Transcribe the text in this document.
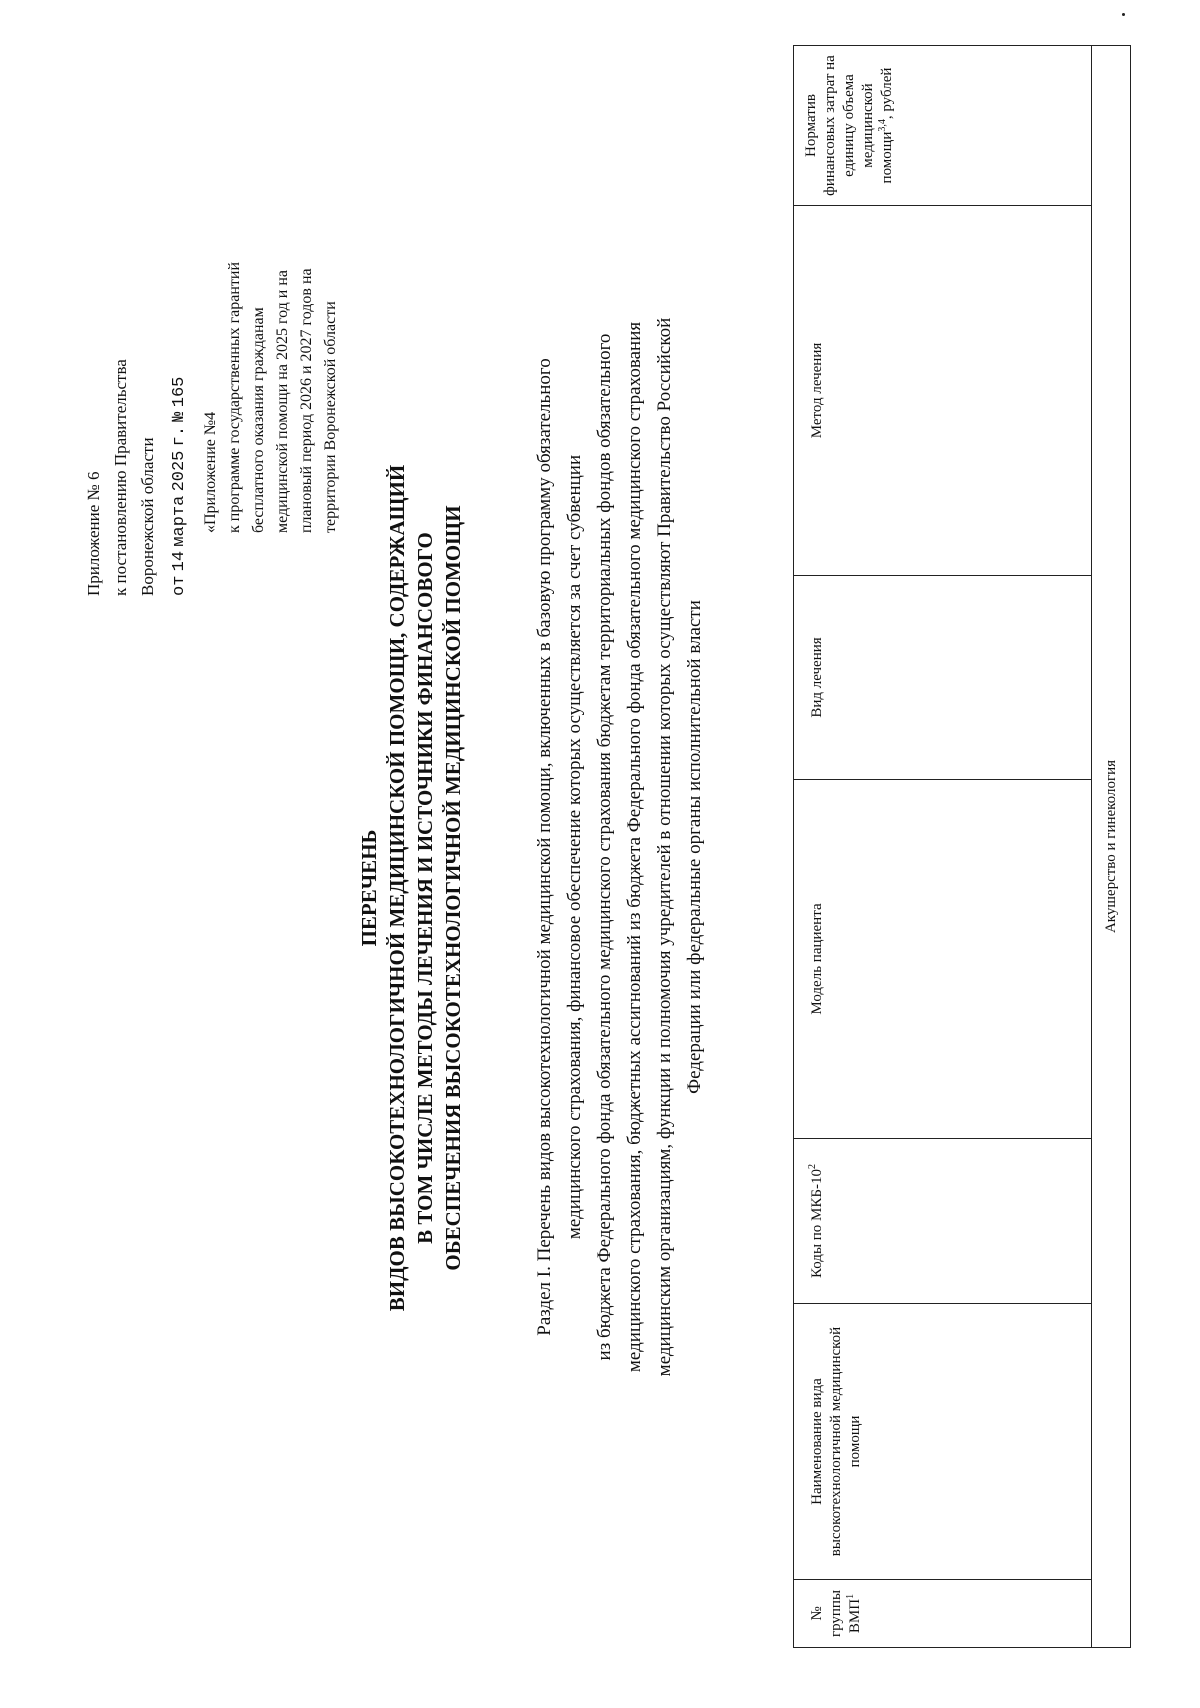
Приложение № 6 к постановлению Правительства Воронежской области от 14 марта 2025 г. № 165
«Приложение №4 к программе государственных гарантий бесплатного оказания гражданам медицинской помощи на 2025 год и на плановый период 2026 и 2027 годов на территории Воронежской области
ПЕРЕЧЕНЬ ВИДОВ ВЫСОКОТЕХНОЛОГИЧНОЙ МЕДИЦИНСКОЙ ПОМОЩИ, СОДЕРЖАЩИЙ В ТОМ ЧИСЛЕ МЕТОДЫ ЛЕЧЕНИЯ И ИСТОЧНИКИ ФИНАНСОВОГО ОБЕСПЕЧЕНИЯ ВЫСОКОТЕХНОЛОГИЧНОЙ МЕДИЦИНСКОЙ ПОМОЩИ	Раздел I. Перечень видов высокотехнологичной медицинской помощи, включенных в базовую программу обязательного медицинского страхования, финансовое обеспечение которых осуществляется за счет субвенции из бюджета Федерального фонда обязательного медицинского страхования бюджетам территориальных фондов обязательного медицинского страхования, бюджетных ассигнований из бюджета Федерального фонда обязательного медицинского страхования медицинским организациям, функции и полномочия учредителей в отношении которых осуществляют Правительство Российской Федерации или федеральные органы исполнительной власти
№ группы ВМП$^1$	Наименование вида высокотехнологичной медицинской помощи	Коды по МКБ-$10^2$	Модель пациента	Вид лечения	Метод лечения	Норматив финансовых затрат на единицу объема медицинской помощи$^{3,4}$, рублей
Акушерство и гинекология
